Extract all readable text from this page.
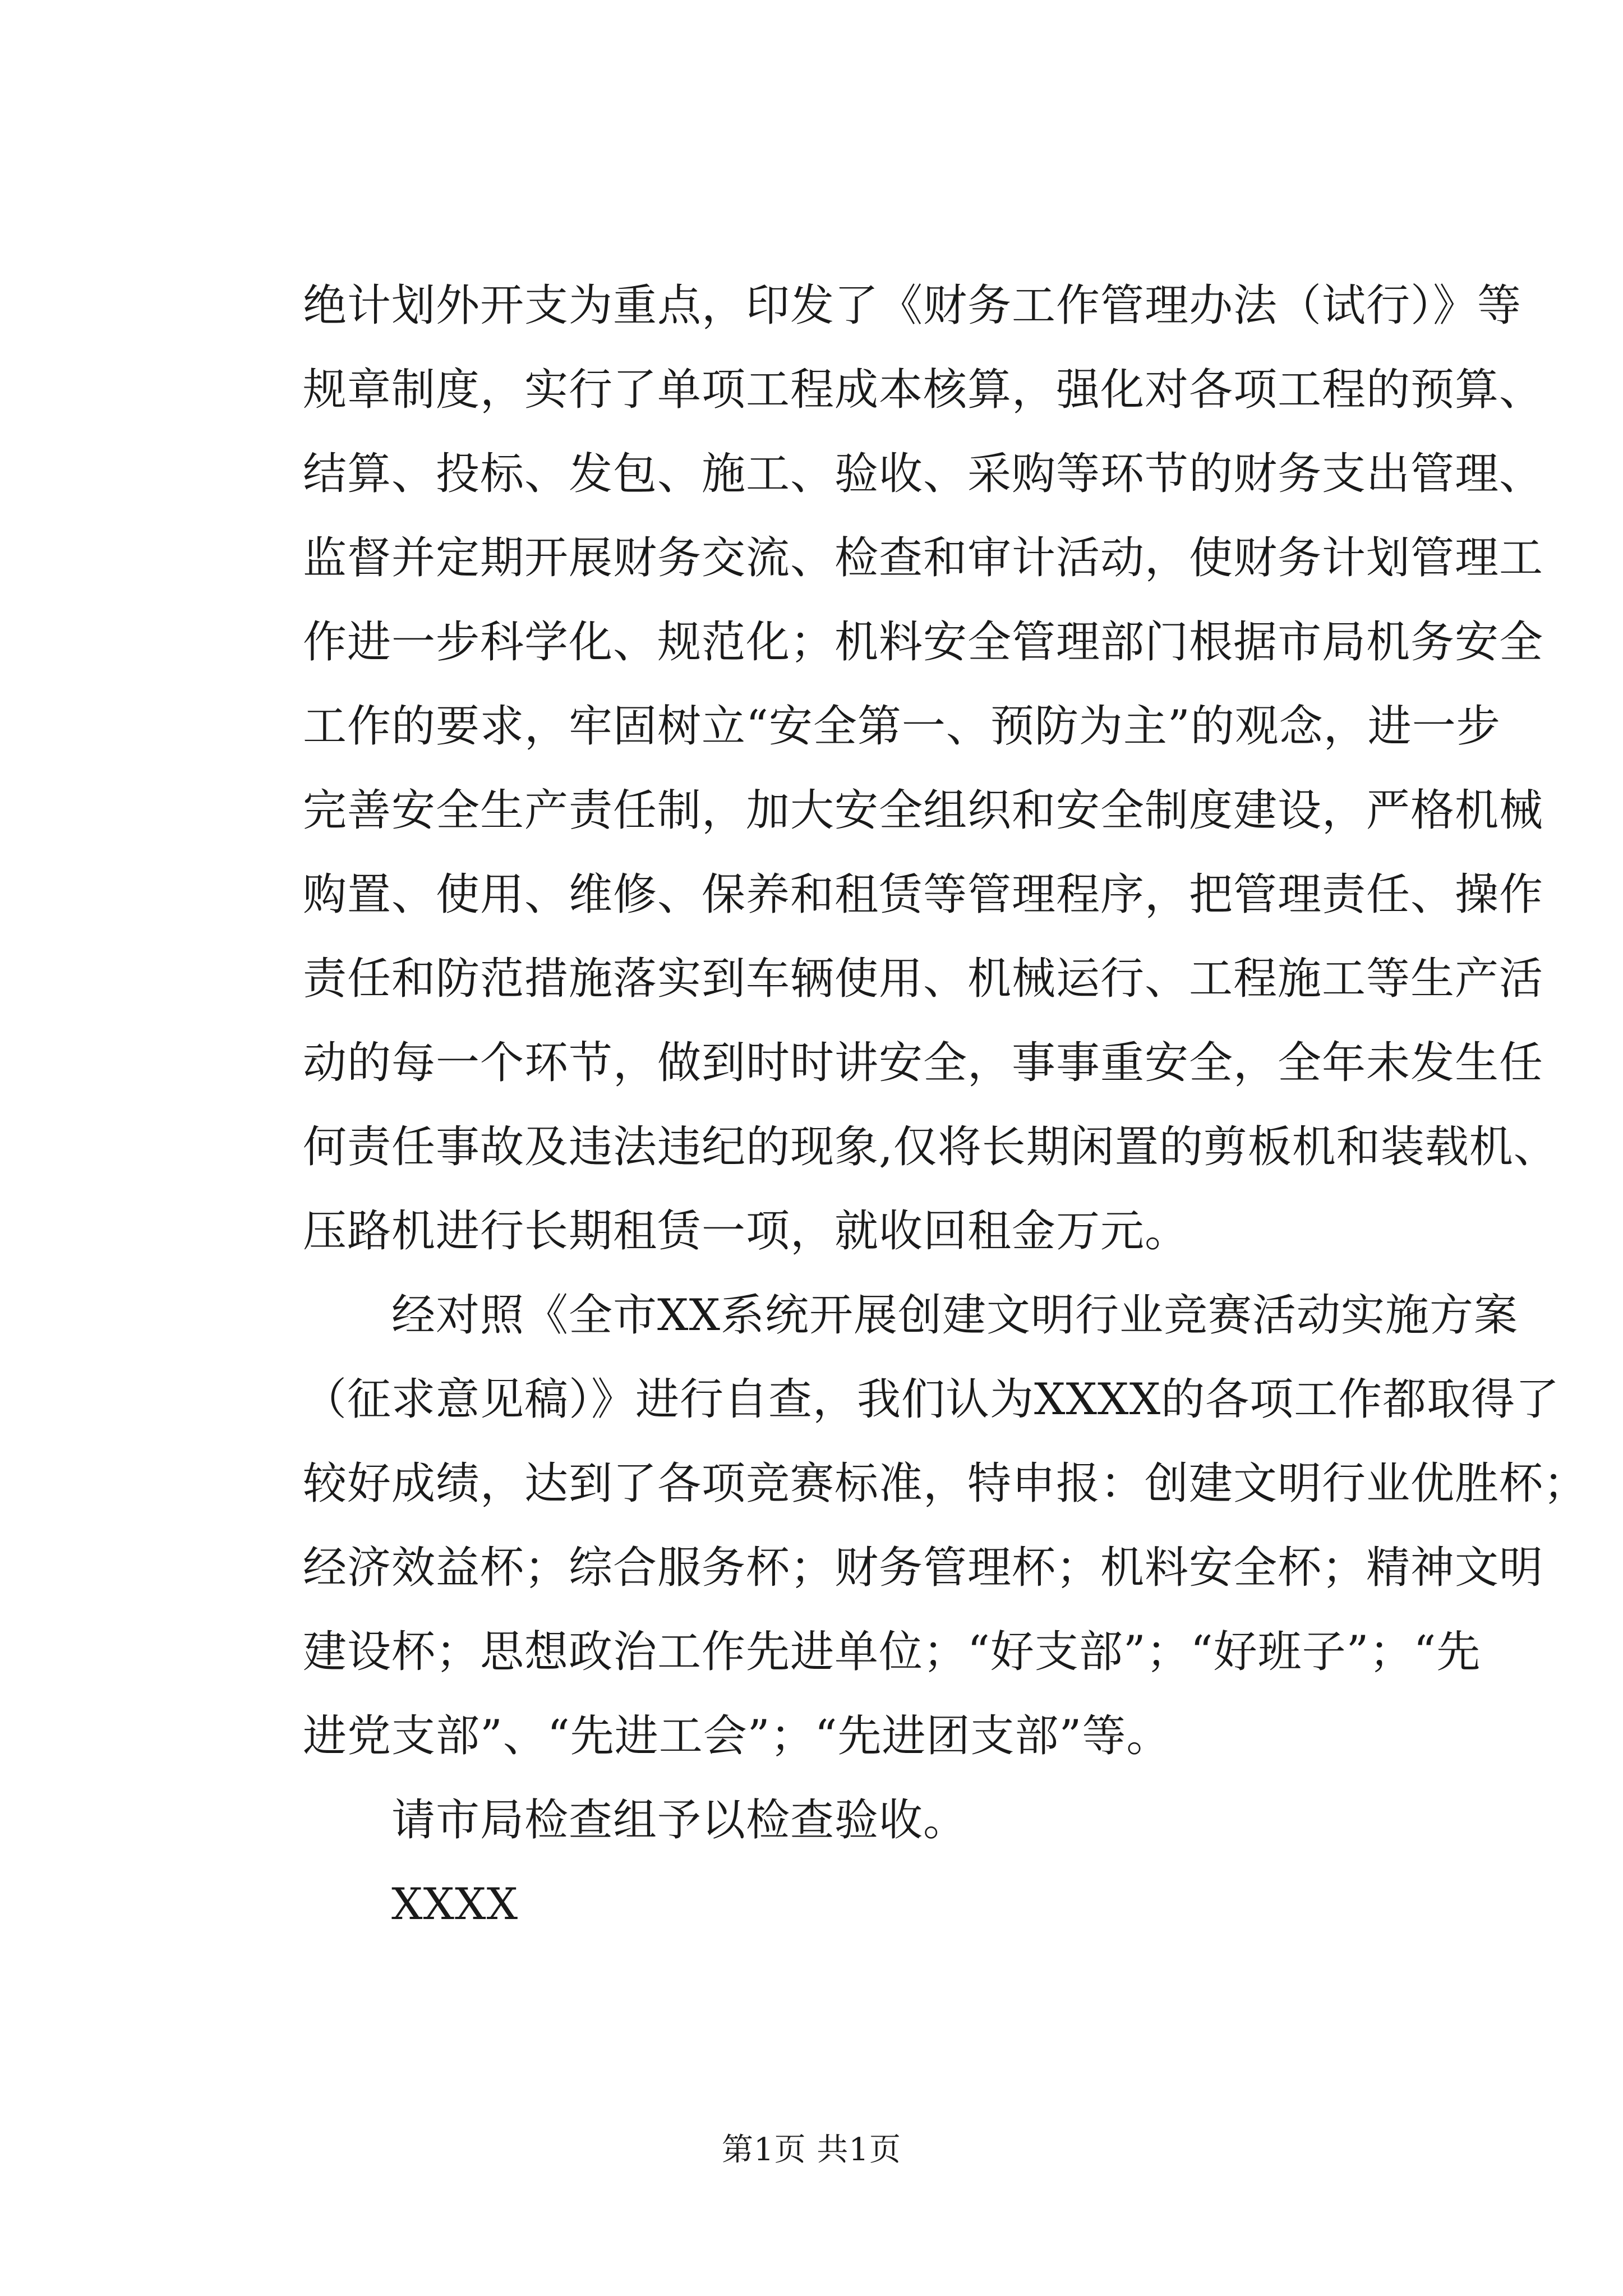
绝计划外开支为重点，印发了《财务工作管理办法（试行）》等
规章制度，实行了单项工程成本核算，强化对各项工程的预算、
结算、投标、发包、施工、验收、采购等环节的财务支出管理、
监督并定期开展财务交流、检查和审计活动，使财务计划管理工
作进一步科学化、规范化；机料安全管理部门根据市局机务安全
工作的要求，牢固树立“安全第一、预防为主”的观念，进一步
完善安全生产责任制，加大安全组织和安全制度建设，严格机械
购置、使用、维修、保养和租赁等管理程序，把管理责任、操作
责任和防范措施落实到车辆使用、机械运行、工程施工等生产活
动的每一个环节，做到时时讲安全，事事重安全，全年未发生任
何责任事故及违法违纪的现象,仅将长期闲置的剪板机和装载机、
压路机进行长期租赁一项，就收回租金万元。
　　经对照《全市XX系统开展创建文明行业竞赛活动实施方案
（征求意见稿）》进行自查，我们认为XXXX的各项工作都取得了
较好成绩，达到了各项竞赛标准，特申报：创建文明行业优胜杯；
经济效益杯；综合服务杯；财务管理杯；机料安全杯；精神文明
建设杯；思想政治工作先进单位；“好支部”；“好班子”；“先
进党支部”、“先进工会”；“先进团支部”等。
　　请市局检查组予以检查验收。
　　XXXX
第1页 共1页
